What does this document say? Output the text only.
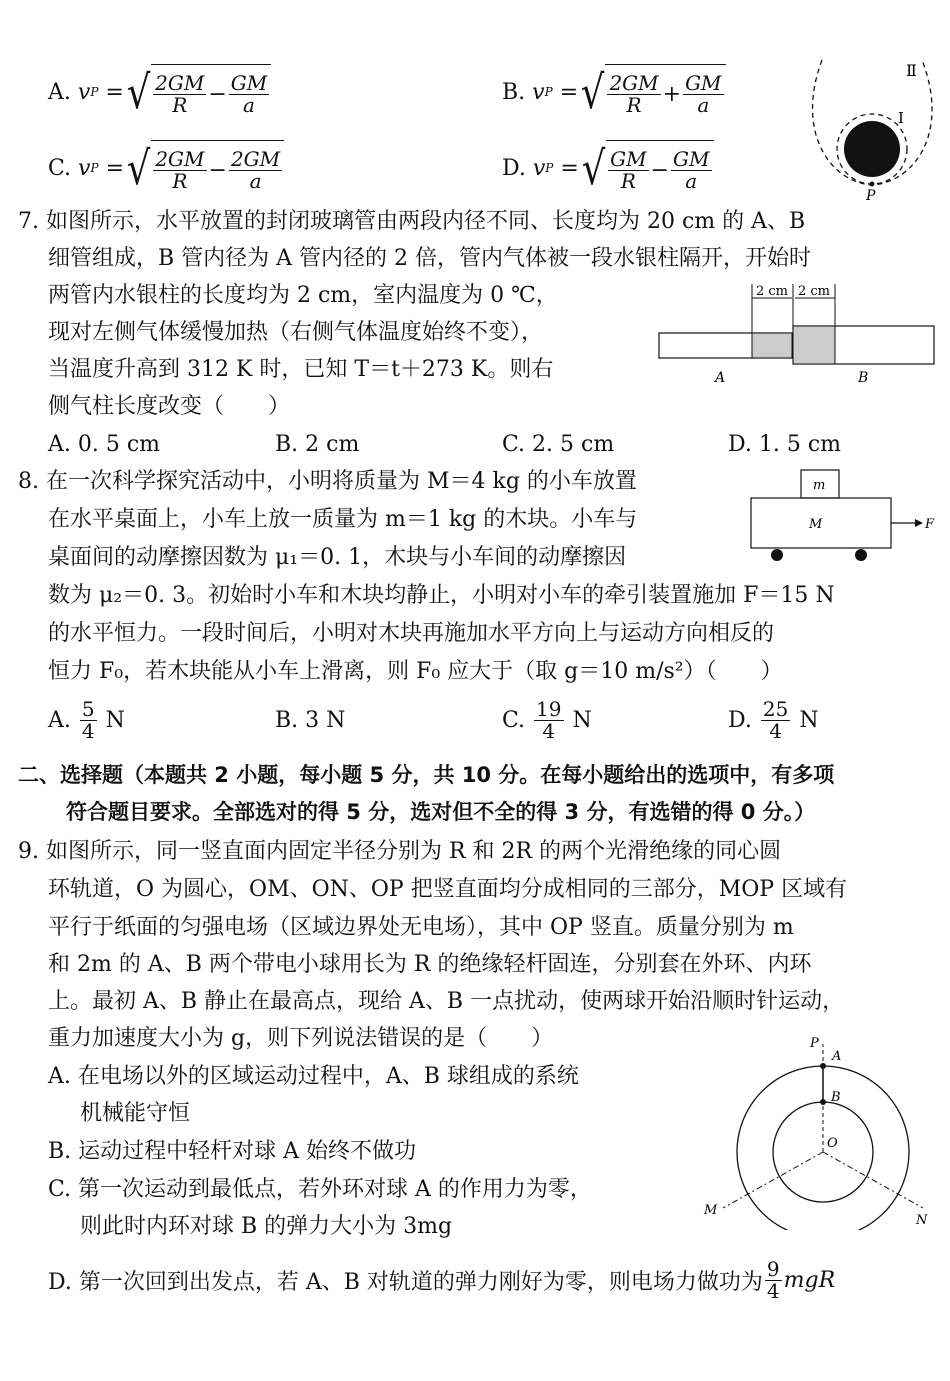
A.
v P
= √ $\frac{2GM}{R} - \frac{GM}{a}$	B.
v P
= √ $\frac{2GM}{R} + \frac{GM}{a}$
C.
v P
= √ $\frac{2GM}{R} - \frac{2GM}{a}$	D.
v P
= √ $\frac{GM}{R} - \frac{GM}{a}$
Ⅱ
Ⅰ
P
7. 如图所示，水平放置的封闭玻璃管由两段内径不同、长度均为 20 cm 的 A、B
细管组成，B 管内径为 A 管内径的 2 倍，管内气体被一段水银柱隔开，开始时
两管内水银柱的长度均为 2 cm，室内温度为 0 ℃，
现对左侧气体缓慢加热（右侧气体温度始终不变），
当温度升高到 312 K 时，已知 T＝t＋273 K。则右
侧气柱长度改变（　　）
A. 0. 5 cm	B. 2 cm	C. 2. 5 cm	D. 1. 5 cm
2 cm 2 cm
A	B
8. 在一次科学探究活动中，小明将质量为 M＝4 kg 的小车放置
在水平桌面上，小车上放一质量为 m＝1 kg 的木块。小车与
桌面间的动摩擦因数为 μ₁＝0. 1，木块与小车间的动摩擦因
数为 μ₂＝0. 3。初始时小车和木块均静止，小明对小车的牵引装置施加 F＝15 N
的水平恒力。一段时间后，小明对木块再施加水平方向上与运动方向相反的
恒力 F₀，若木块能从小车上滑离，则 F₀ 应大于（取 g＝10 m/s²）（　　）
A.
$\frac{5}{4}$
N	B. 3 N	C.
$\frac{19}{4}$
N	D.
$\frac{25}{4}$
N
m
M	F
二、选择题（本题共 2 小题，每小题 5 分，共 10 分。在每小题给出的选项中，有多项
符合题目要求。全部选对的得 5 分，选对但不全的得 3 分，有选错的得 0 分。）
9. 如图所示，同一竖直面内固定半径分别为 R 和 2R 的两个光滑绝缘的同心圆
环轨道，O 为圆心，OM、ON、OP 把竖直面均分成相同的三部分，MOP 区域有
平行于纸面的匀强电场（区域边界处无电场），其中 OP 竖直。质量分别为 m
和 2m 的 A、B 两个带电小球用长为 R 的绝缘轻杆固连，分别套在外环、内环
上。最初 A、B 静止在最高点，现给 A、B 一点扰动，使两球开始沿顺时针运动，
重力加速度大小为 g，则下列说法错误的是（　　）
A. 在电场以外的区域运动过程中，A、B 球组成的系统
机械能守恒
B. 运动过程中轻杆对球 A 始终不做功
C. 第一次运动到最低点，若外环对球 A 的作用力为零，
则此时内环对球 B 的弹力大小为 3mg
D. 第一次回到出发点，若 A、B 对轨道的弹力刚好为零，则电场力做功为 $\frac{9}{4}$ mgR
P
A
B
O
M
N
